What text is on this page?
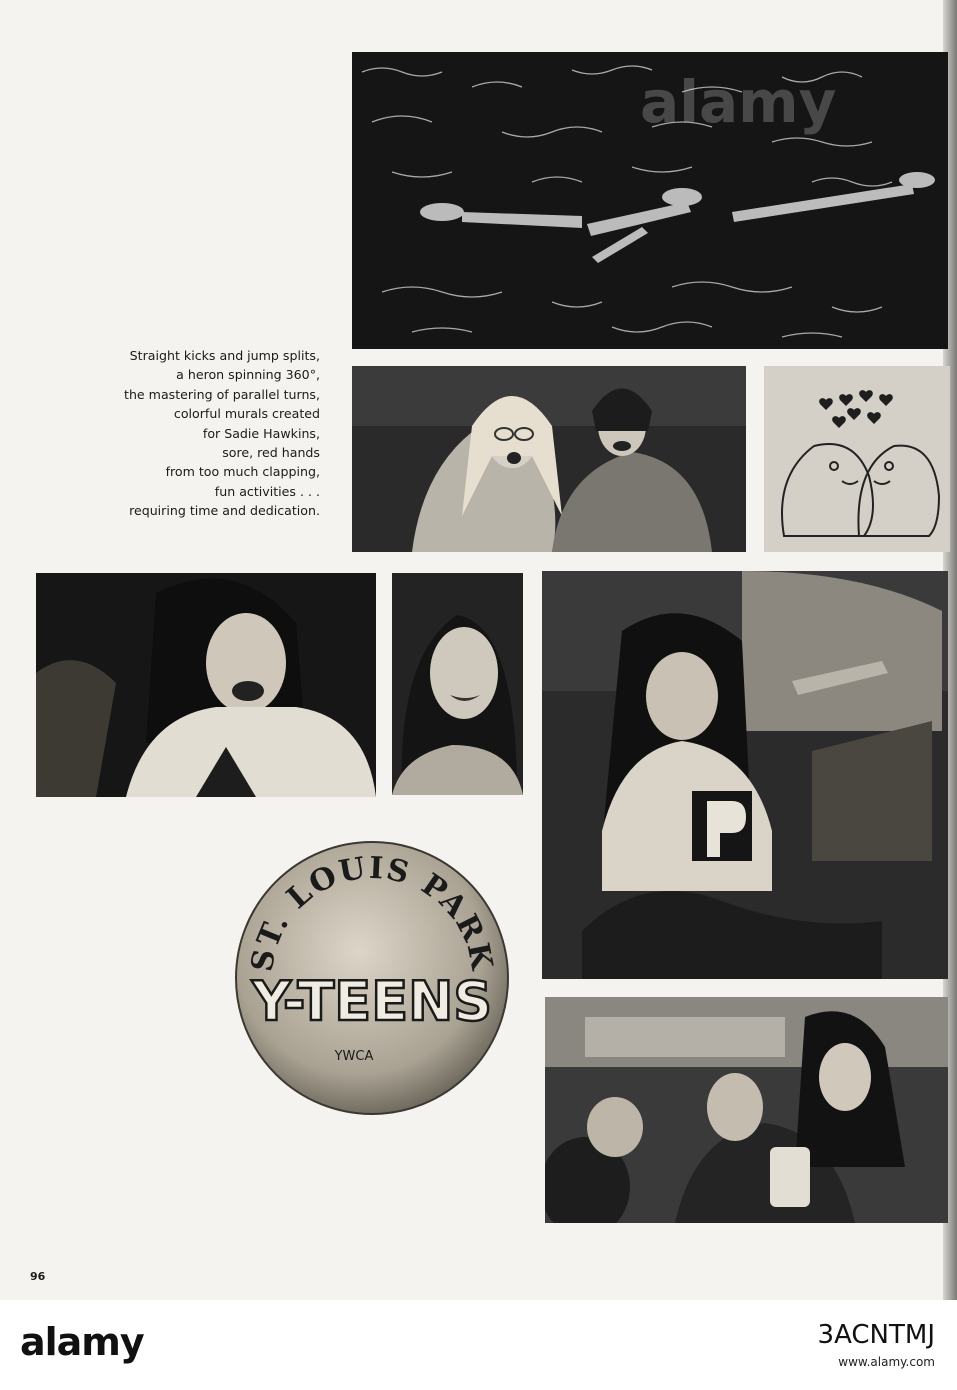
alamy
Straight kicks and jump splits,
a heron spinning 360°,
the mastering of parallel turns,
colorful murals created
for Sadie Hawkins,
sore, red hands
from too much clapping,
fun activities . . .
requiring time and dedication.
ST. LOUIS PARK
Y-TEENS
YWCA
96
alamy	3ACNTMJ
www.alamy.com
